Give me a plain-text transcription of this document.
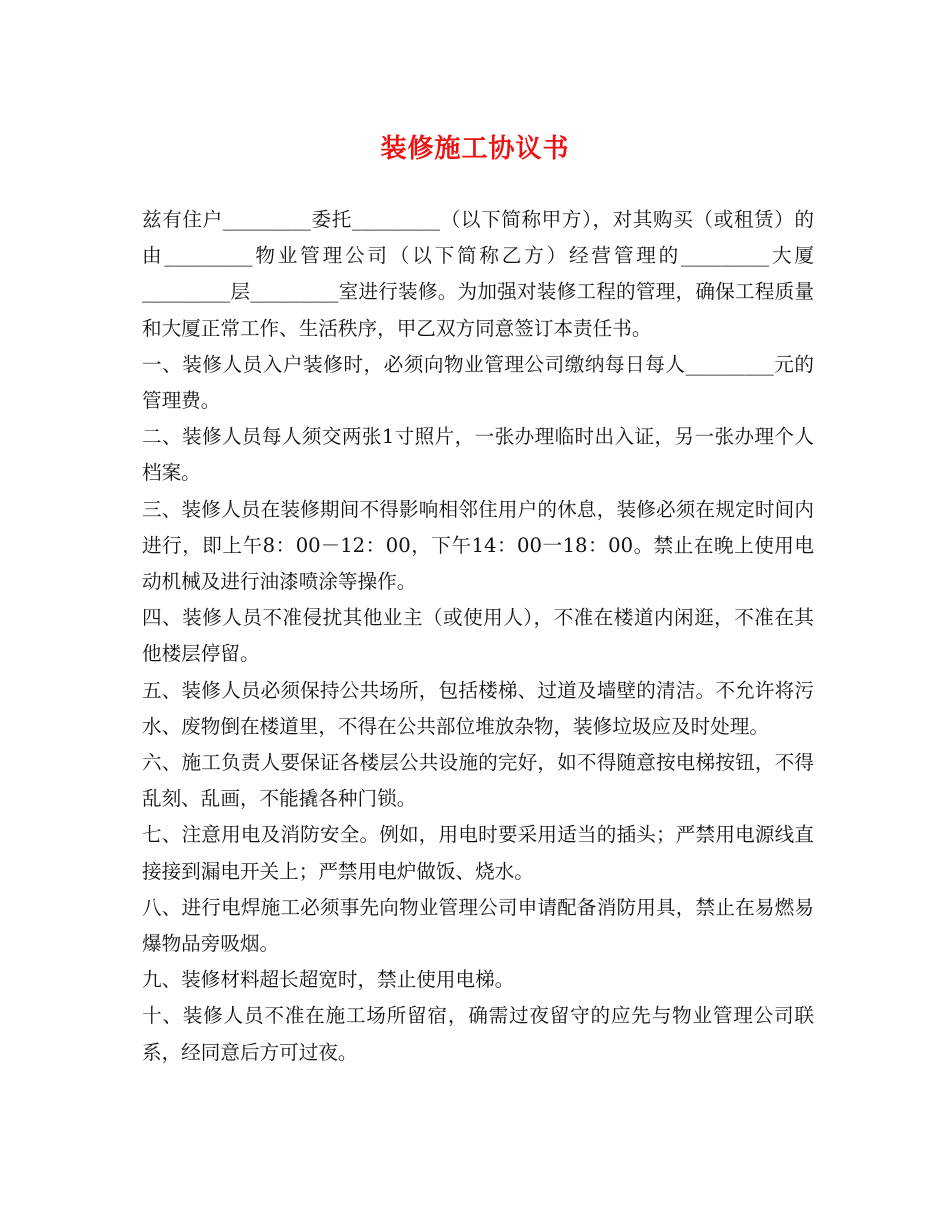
装修施工协议书

兹有住户_________委托_________（以下简称甲方），对其购买（或租赁）的由_________物业管理公司（以下简称乙方）经营管理的_________大厦_________层_________室进行装修。为加强对装修工程的管理，确保工程质量和大厦正常工作、生活秩序，甲乙双方同意签订本责任书。

一、装修人员入户装修时，必须向物业管理公司缴纳每日每人_________元的管理费。

二、装修人员每人须交两张1寸照片，一张办理临时出入证，另一张办理个人档案。

三、装修人员在装修期间不得影响相邻住用户的休息，装修必须在规定时间内进行，即上午8：00－12：00，下午14：00一18：00。禁止在晚上使用电动机械及进行油漆喷涂等操作。

四、装修人员不准侵扰其他业主（或使用人），不准在楼道内闲逛，不准在其他楼层停留。

五、装修人员必须保持公共场所，包括楼梯、过道及墙壁的清洁。不允许将污水、废物倒在楼道里，不得在公共部位堆放杂物，装修垃圾应及时处理。

六、施工负责人要保证各楼层公共设施的完好，如不得随意按电梯按钮，不得乱刻、乱画，不能撬各种门锁。

七、注意用电及消防安全。例如，用电时要采用适当的插头；严禁用电源线直接接到漏电开关上；严禁用电炉做饭、烧水。

八、进行电焊施工必须事先向物业管理公司申请配备消防用具，禁止在易燃易爆物品旁吸烟。

九、装修材料超长超宽时，禁止使用电梯。

十、装修人员不准在施工场所留宿，确需过夜留守的应先与物业管理公司联系，经同意后方可过夜。
